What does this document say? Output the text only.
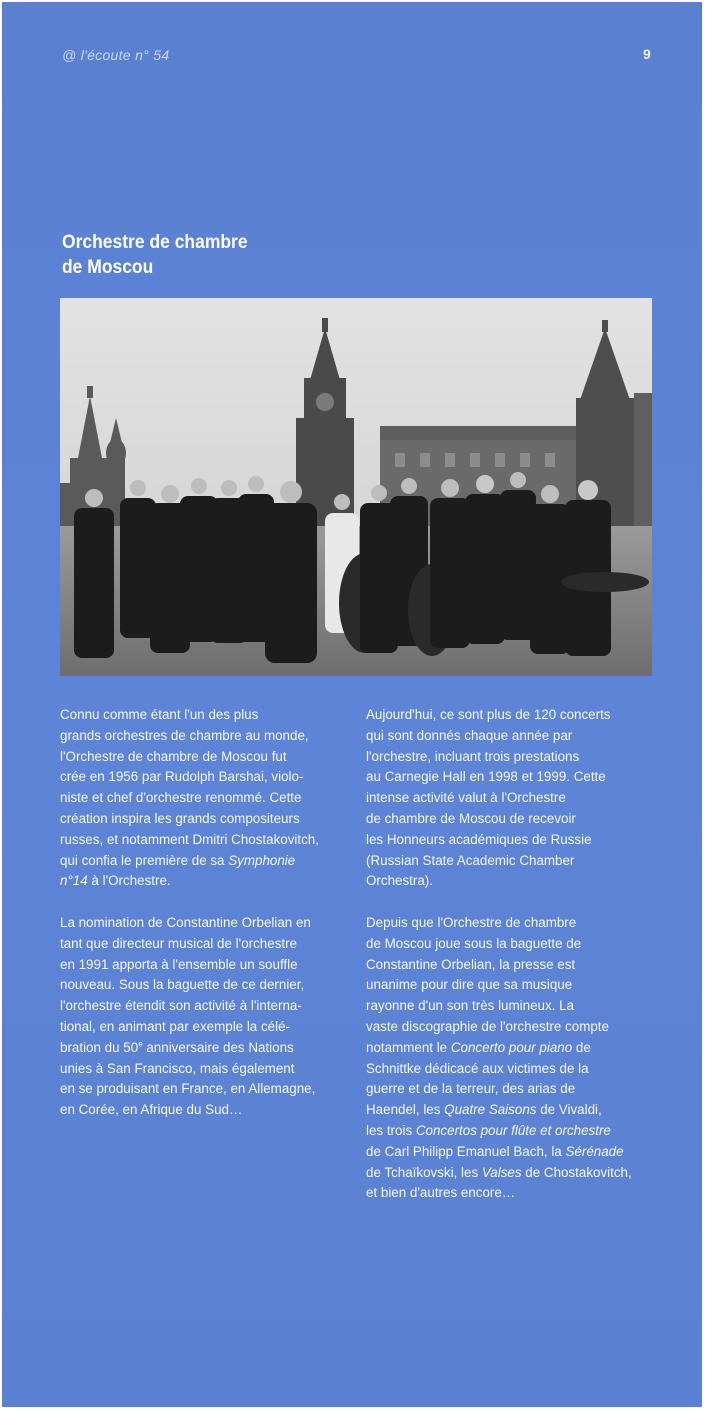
@ l'écoute n° 54	9
Orchestre de chambre
de Moscou

Connu comme étant l'un des plus
grands orchestres de chambre au monde,
l'Orchestre de chambre de Moscou fut
crée en 1956 par Rudolph Barshai, violo-
niste et chef d'orchestre renommé. Cette
création inspira les grands compositeurs
russes, et notamment Dmitri Chostakovitch,
qui confia le première de sa Symphonie
n°14 à l'Orchestre.

La nomination de Constantine Orbelian en
tant que directeur musical de l'orchestre
en 1991 apporta à l'ensemble un souffle
nouveau. Sous la baguette de ce dernier,
l'orchestre étendit son activité à l'interna-
tional, en animant par exemple la célé-
bration du 50e anniversaire des Nations
unies à San Francisco, mais également
en se produisant en France, en Allemagne,
en Corée, en Afrique du Sud…

Aujourd'hui, ce sont plus de 120 concerts
qui sont donnés chaque année par
l'orchestre, incluant trois prestations
au Carnegie Hall en 1998 et 1999. Cette
intense activité valut à l'Orchestre
de chambre de Moscou de recevoir
les Honneurs académiques de Russie
(Russian State Academic Chamber
Orchestra).

Depuis que l'Orchestre de chambre
de Moscou joue sous la baguette de
Constantine Orbelian, la presse est
unanime pour dire que sa musique
rayonne d'un son très lumineux. La
vaste discographie de l'orchestre compte
notamment le Concerto pour piano de
Schnittke dédicacé aux victimes de la
guerre et de la terreur, des arias de
Haendel, les Quatre Saisons de Vivaldi,
les trois Concertos pour flûte et orchestre
de Carl Philipp Emanuel Bach, la Sérénade
de Tchaïkovski, les Valses de Chostakovitch,
et bien d'autres encore…
